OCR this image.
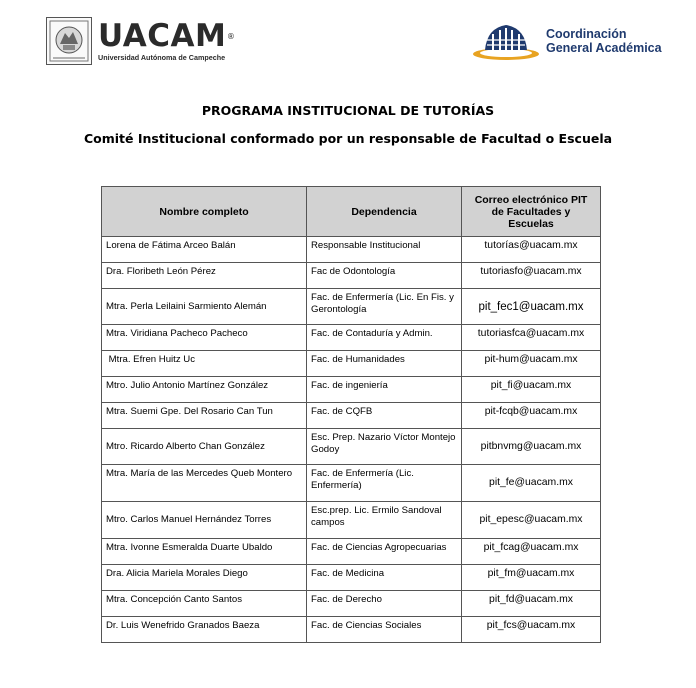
UACAM ®
Universidad Autónoma de Campeche
Coordinación
General Académica
PROGRAMA INSTITUCIONAL DE TUTORÍAS
Comité Institucional conformado por un responsable de Facultad o Escuela
Nombre completo	Dependencia	Correo electrónico PIT de Facultades y Escuelas
Lorena de Fátima Arceo Balán	Responsable Institucional	tutorías@uacam.mx
Dra. Floribeth León Pérez	Fac de Odontología	tutoriasfo@uacam.mx
Mtra. Perla Leilaini Sarmiento Alemán	Fac. de Enfermería (Lic. En Fis. y Gerontología	pit_fec1@uacam.mx
Mtra. Viridiana Pacheco Pacheco	Fac. de Contaduría y Admin.	tutoriasfca@uacam.mx
Mtra. Efren Huitz Uc	Fac. de Humanidades	pit-hum@uacam.mx
Mtro. Julio Antonio Martínez González	Fac. de ingeniería	pit_fi@uacam.mx
Mtra. Suemi Gpe. Del Rosario Can Tun	Fac. de CQFB	pit-fcqb@uacam.mx
Mtro. Ricardo Alberto Chan González	Esc. Prep. Nazario Víctor Montejo Godoy	pitbnvmg@uacam.mx
Mtra. María de las Mercedes Queb Montero	Fac. de Enfermería (Lic. Enfermería)	pit_fe@uacam.mx
Mtro. Carlos Manuel Hernández Torres	Esc.prep. Lic. Ermilo Sandoval campos	pit_epesc@uacam.mx
Mtra. Ivonne Esmeralda Duarte Ubaldo	Fac. de Ciencias Agropecuarias	pit_fcag@uacam.mx
Dra. Alicia Mariela Morales Diego	Fac. de Medicina	pit_fm@uacam.mx
Mtra. Concepción Canto Santos	Fac. de Derecho	pit_fd@uacam.mx
Dr. Luis Wenefrido Granados Baeza	Fac. de Ciencias Sociales	pit_fcs@uacam.mx
